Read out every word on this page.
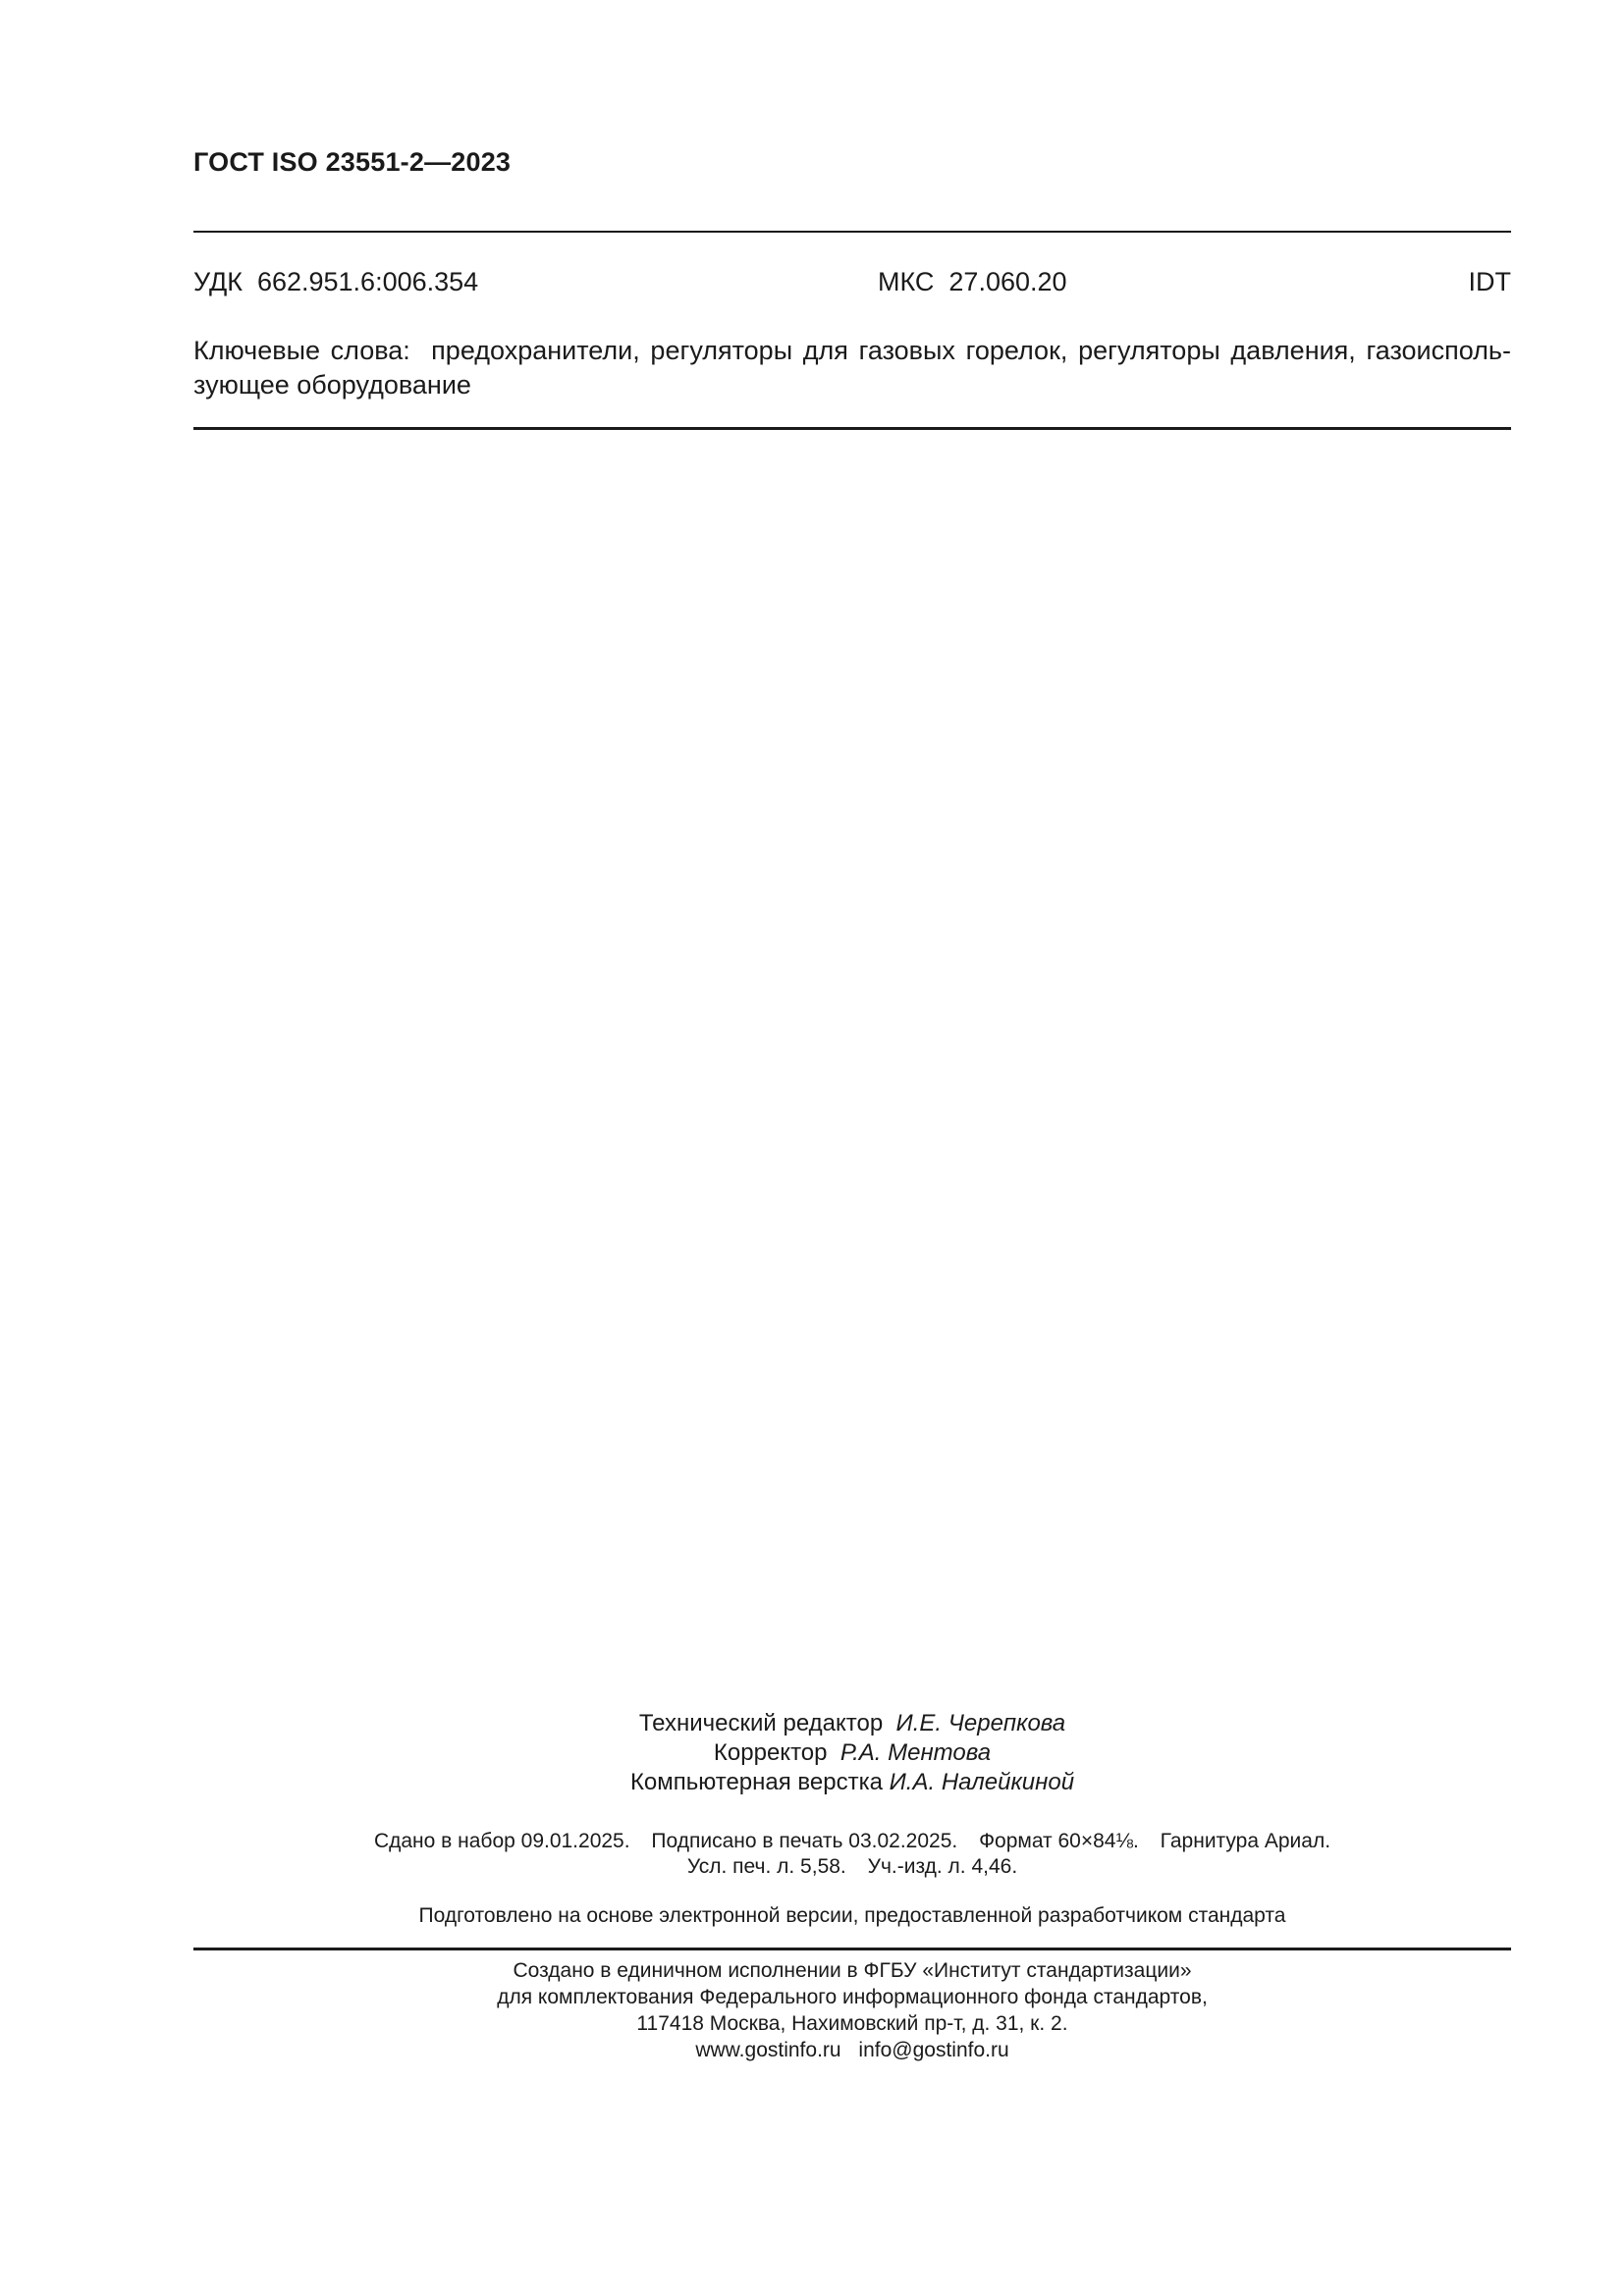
ГОСТ ISO 23551-2—2023
УДК  662.951.6:006.354	МКС  27.060.20	IDT
Ключевые слова:  предохранители, регуляторы для газовых горелок, регуляторы давления, газоисполь-
зующее оборудование
Технический редактор И.Е. Черепкова
Корректор Р.А. Ментова
Компьютерная верстка И.А. Налейкиной
Сдано в набор 09.01.2025. Подписано в печать 03.02.2025. Формат 60×84⅛. Гарнитура Ариал.
Усл. печ. л. 5,58. Уч.-изд. л. 4,46.
Подготовлено на основе электронной версии, предоставленной разработчиком стандарта
Создано в единичном исполнении в ФГБУ «Институт стандартизации»
для комплектования Федерального информационного фонда стандартов,
117418 Москва, Нахимовский пр-т, д. 31, к. 2.
www.gostinfo.ru info@gostinfo.ru
